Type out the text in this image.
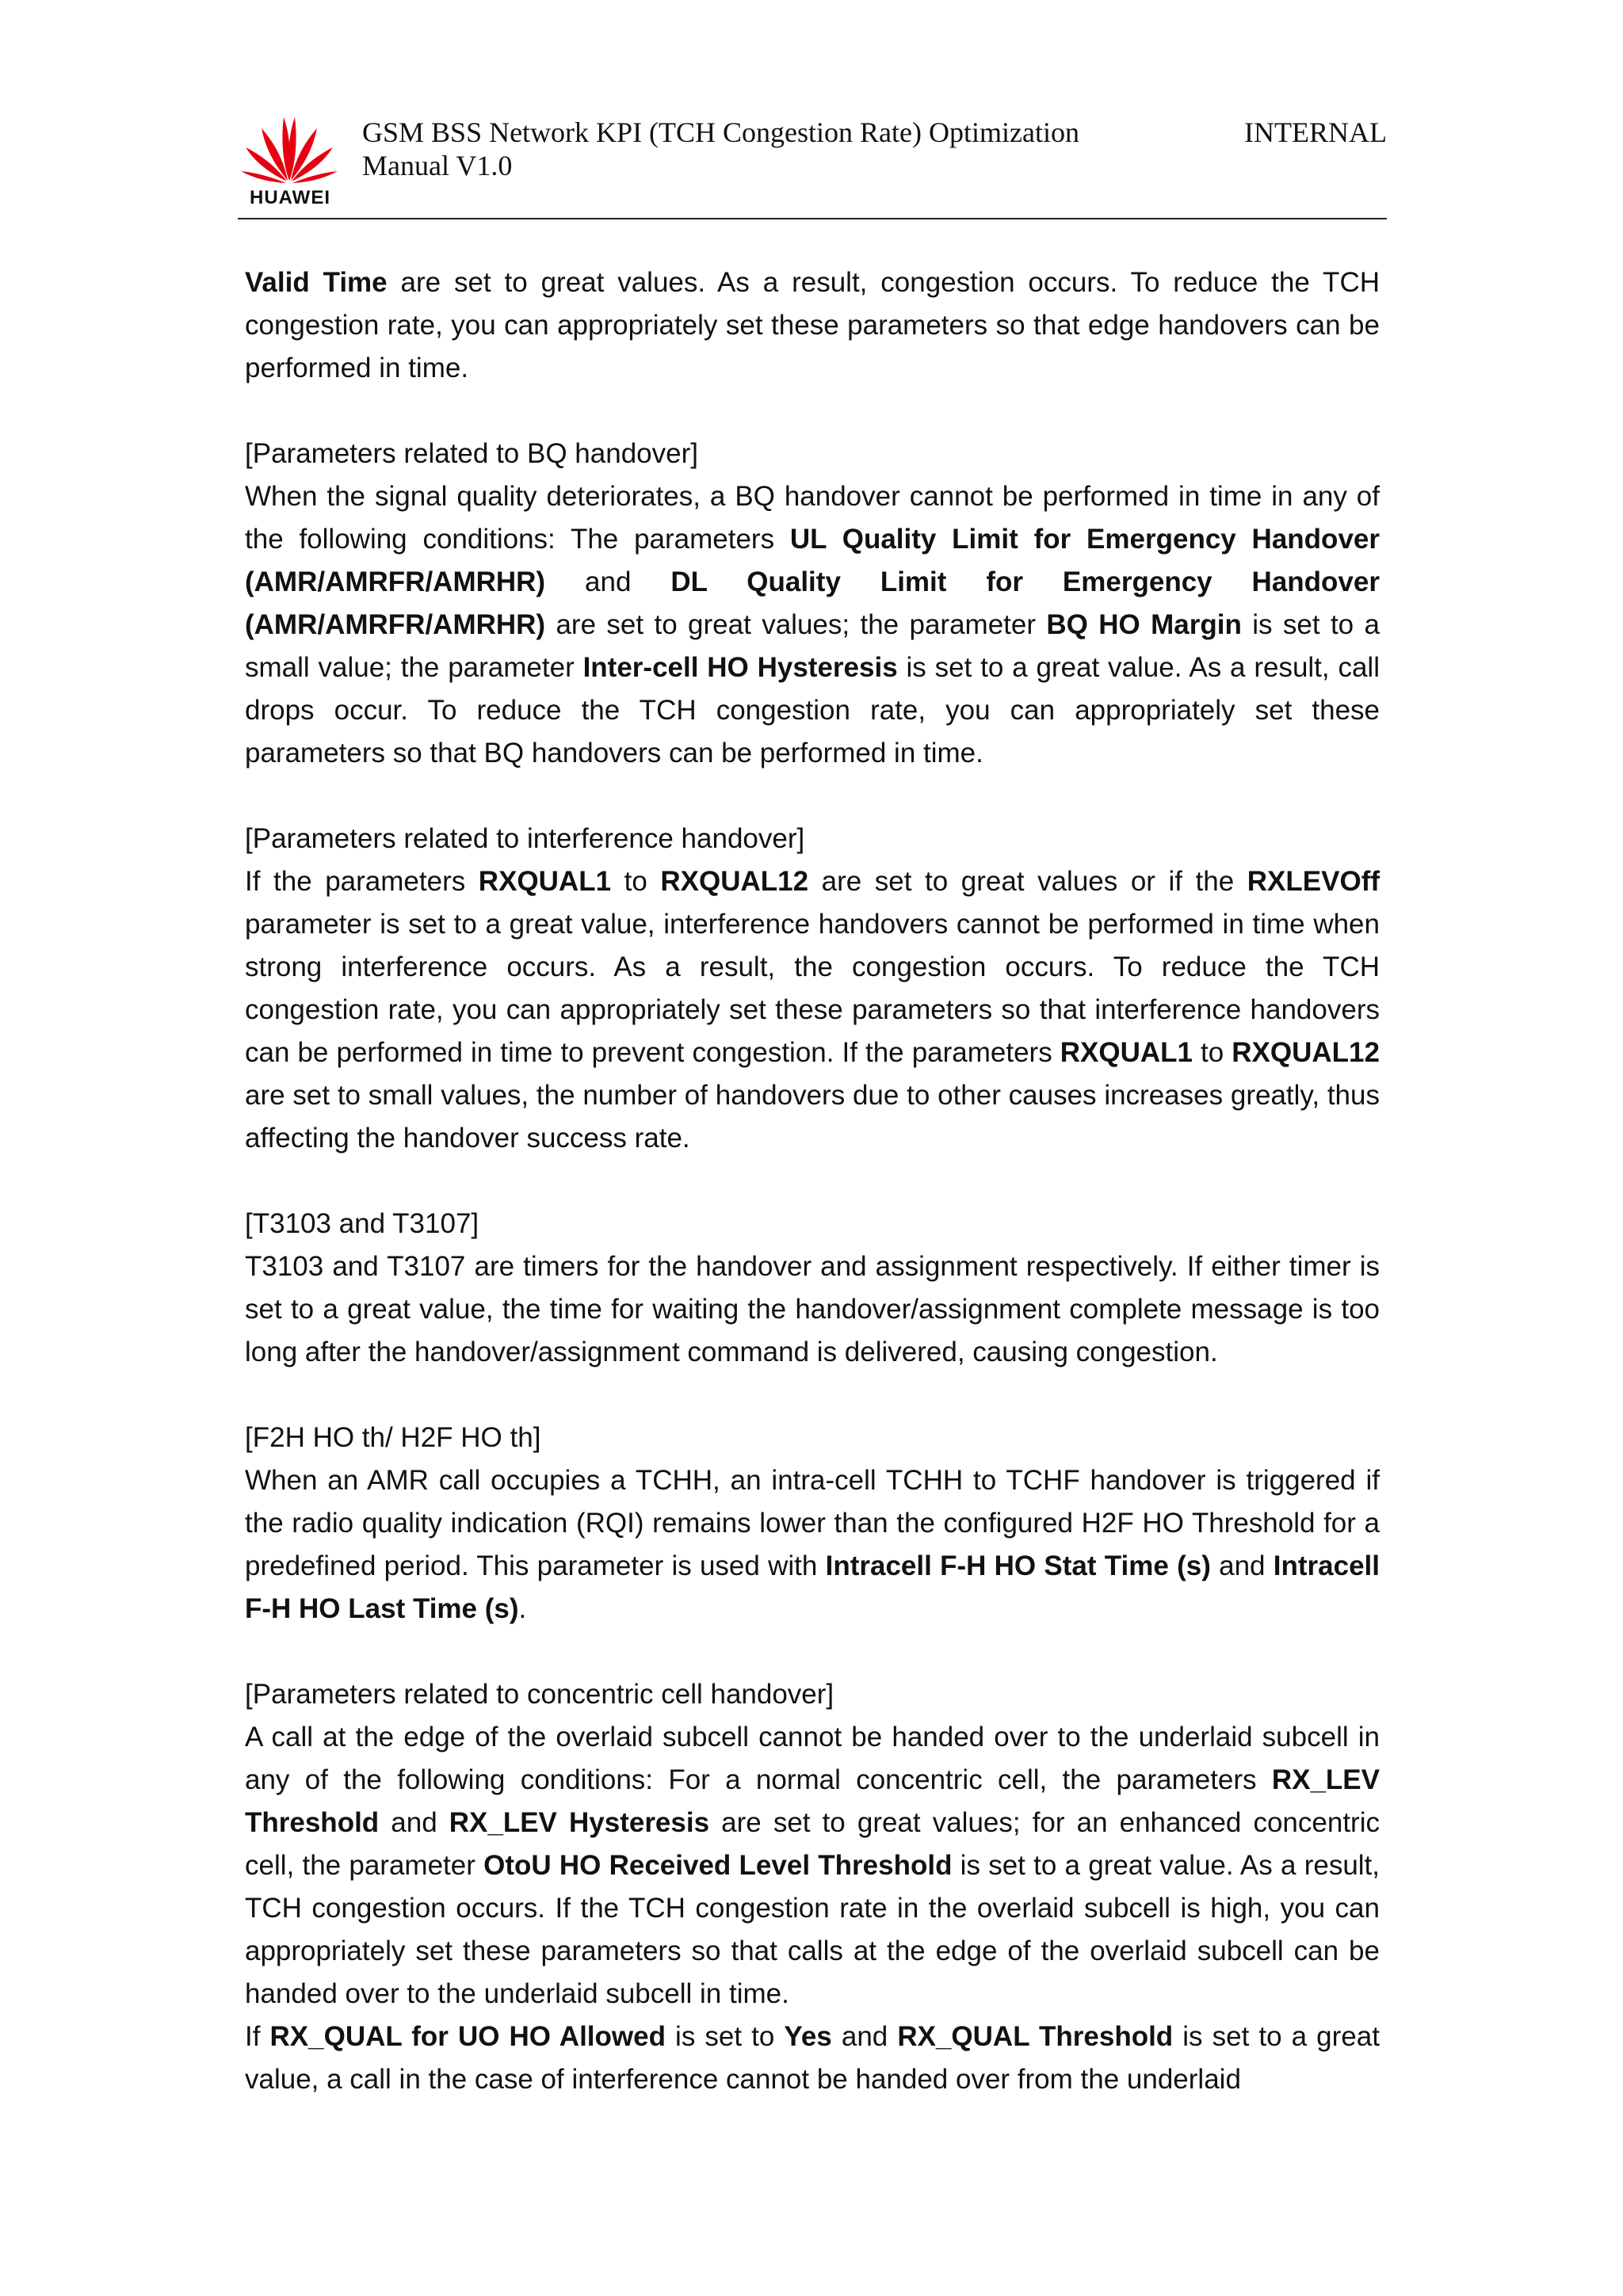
HUAWEI
GSM BSS Network KPI (TCH Congestion Rate) Optimization Manual V1.0
INTERNAL

Valid Time are set to great values. As a result, congestion occurs. To reduce the TCH congestion rate, you can appropriately set these parameters so that edge handovers can be performed in time.

[Parameters related to BQ handover]

When the signal quality deteriorates, a BQ handover cannot be performed in time in any of the following conditions: The parameters UL Quality Limit for Emergency Handover (AMR/AMRFR/AMRHR) and DL Quality Limit for Emergency Handover (AMR/AMRFR/AMRHR) are set to great values; the parameter BQ HO Margin is set to a small value; the parameter Inter-cell HO Hysteresis is set to a great value. As a result, call drops occur. To reduce the TCH congestion rate, you can appropriately set these parameters so that BQ handovers can be performed in time.

[Parameters related to interference handover]

If the parameters RXQUAL1 to RXQUAL12 are set to great values or if the RXLEVOff parameter is set to a great value, interference handovers cannot be performed in time when strong interference occurs. As a result, the congestion occurs. To reduce the TCH congestion rate, you can appropriately set these parameters so that interference handovers can be performed in time to prevent congestion. If the parameters RXQUAL1 to RXQUAL12 are set to small values, the number of handovers due to other causes increases greatly, thus affecting the handover success rate.

[T3103 and T3107]

T3103 and T3107 are timers for the handover and assignment respectively. If either timer is set to a great value, the time for waiting the handover/assignment complete message is too long after the handover/assignment command is delivered, causing congestion.

[F2H HO th/ H2F HO th]

When an AMR call occupies a TCHH, an intra-cell TCHH to TCHF handover is triggered if the radio quality indication (RQI) remains lower than the configured H2F HO Threshold for a predefined period. This parameter is used with Intracell F-H HO Stat Time (s) and Intracell F-H HO Last Time (s).

[Parameters related to concentric cell handover]

A call at the edge of the overlaid subcell cannot be handed over to the underlaid subcell in any of the following conditions: For a normal concentric cell, the parameters RX_LEV Threshold and RX_LEV Hysteresis are set to great values; for an enhanced concentric cell, the parameter OtoU HO Received Level Threshold is set to a great value. As a result, TCH congestion occurs. If the TCH congestion rate in the overlaid subcell is high, you can appropriately set these parameters so that calls at the edge of the overlaid subcell can be handed over to the underlaid subcell in time.

If RX_QUAL for UO HO Allowed is set to Yes and RX_QUAL Threshold is set to a great value, a call in the case of interference cannot be handed over from the underlaid
